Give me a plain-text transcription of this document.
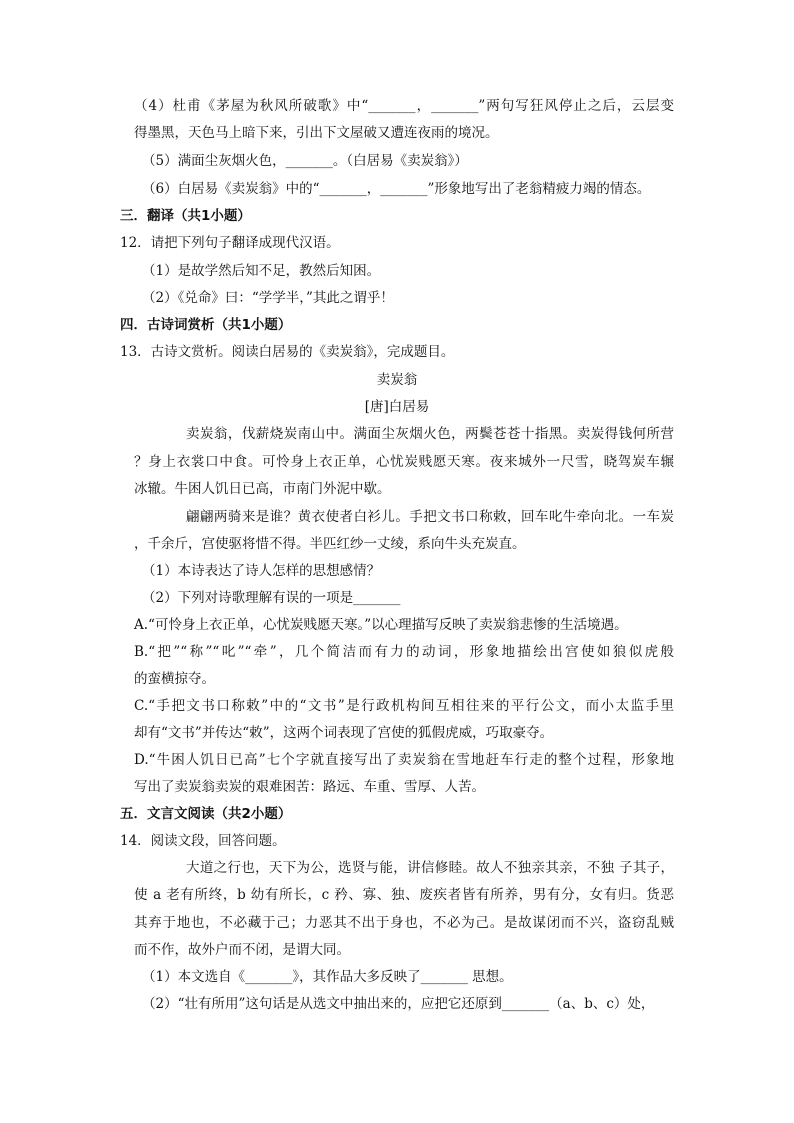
（4）杜甫《茅屋为秋风所破歌》中“_______，_______”两句写狂风停止之后，云层变
得墨黑，天色马上暗下来，引出下文屋破又遭连夜雨的境况。
（5）满面尘灰烟火色，_______。（白居易《卖炭翁》）
（6）白居易《卖炭翁》中的“_______，_______”形象地写出了老翁精疲力竭的情态。
三．翻译（共1小题）
12．请把下列句子翻译成现代汉语。
（1）是故学然后知不足，教然后知困。
（2）《兑命》曰：“学学半，”其此之谓乎！
四．古诗词赏析（共1小题）
13．古诗文赏析。阅读白居易的《卖炭翁》，完成题目。
卖炭翁
[唐]白居易
卖炭翁，伐薪烧炭南山中。满面尘灰烟火色，两鬓苍苍十指黑。卖炭得钱何所营
？身上衣裳口中食。可怜身上衣正单，心忧炭贱愿天寒。夜来城外一尺雪，晓驾炭车辗
冰辙。牛困人饥日已高，市南门外泥中歇。
翩翩两骑来是谁？黄衣使者白衫儿。手把文书口称敕，回车叱牛牵向北。一车炭
，千余斤，宫使驱将惜不得。半匹红纱一丈绫，系向牛头充炭直。
（1）本诗表达了诗人怎样的思想感情？
（2）下列对诗歌理解有误的一项是_______
A.“可怜身上衣正单，心忧炭贱愿天寒。”以心理描写反映了卖炭翁悲惨的生活境遇。
B.“把”“称”“叱”“牵”，几个简洁而有力的动词，形象地描绘出宫使如狼似虎般
的蛮横掠夺。
C.“手把文书口称敕”中的“文书”是行政机构间互相往来的平行公文，而小太监手里
却有“文书”并传达“敕”，这两个词表现了宫使的狐假虎威，巧取豪夺。
D.“牛困人饥日已高”七个字就直接写出了卖炭翁在雪地赶车行走的整个过程，形象地
写出了卖炭翁卖炭的艰难困苦：路远、车重、雪厚、人苦。
五．文言文阅读（共2小题）
14．阅读文段，回答问题。
大道之行也，天下为公，选贤与能，讲信修睦。故人不独亲其亲，不独 子其子，
使 a 老有所终，b 幼有所长，c 矜、寡、独、废疾者皆有所养，男有分，女有归。货恶
其弃于地也，不必藏于己；力恶其不出于身也，不必为己。是故谋闭而不兴，盗窃乱贼
而不作，故外户而不闭，是谓大同。
（1）本文选自《_______》，其作品大多反映了_______ 思想。
（2）“壮有所用”这句话是从选文中抽出来的，应把它还原到_______（a、b、c）处，
